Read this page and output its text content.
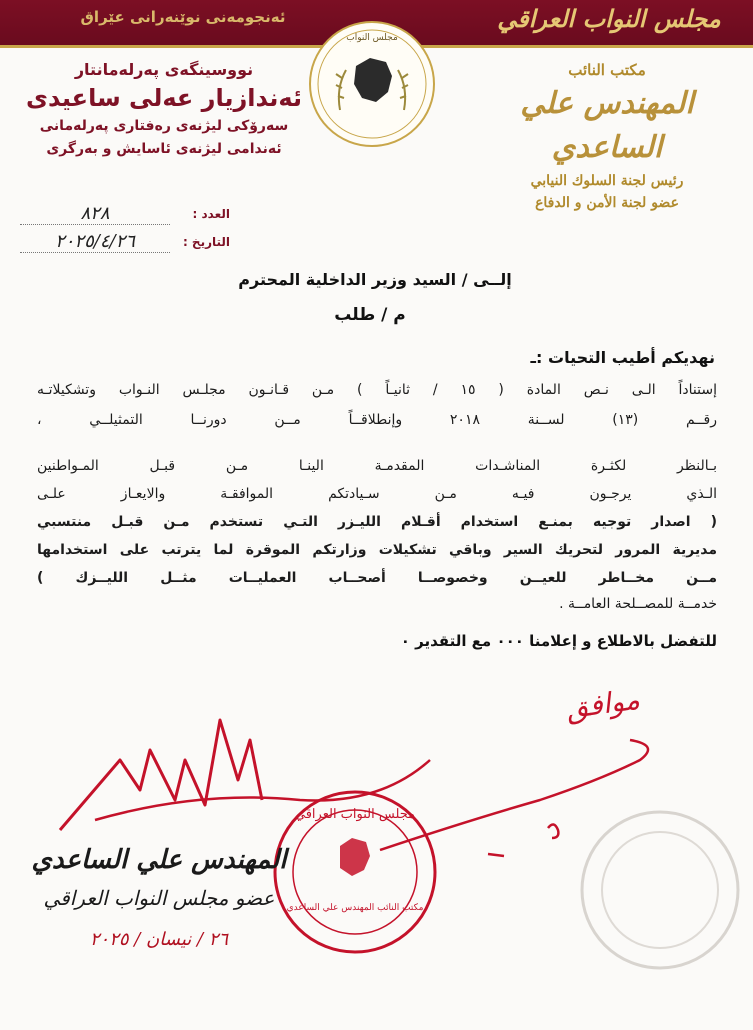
ئه‌نجومه‌نی نوێنه‌رانی عێراق	مجلس النواب العراقي
نووسینگەی پەرلەمانتار
ئەندازیار عەلی ساعیدی
سەرۆکی لیژنەی رەفتاری پەرلەمانی
ئەندامی لیژنەی ئاسایش و بەرگری
مجلس النواب
مكتب النائب
المهندس علي الساعدي
رئيس لجنة السلوك النيابي
عضو لجنة الأمن و الدفاع
العدد :
٨٢٨
التاريخ :
٢٠٢٥/٤/٢٦
إلــى / السيد وزير الداخلية المحترم
م / طلب
نهديكم أطيب التحيات :ـ
إستناداً الـى نـص المادة ( ١٥ / ثانيـاً ) مـن قـانـون مجلـس النـواب وتشكيلاتـه
رقــم (١٣) لســنة ٢٠١٨ وإنطلاقــاً مــن دورنــا التمثيلــي ،
بـالنظر لكثـرة المناشـدات المقدمـة الينـا مـن قبـل المـواطنين
الـذي يرجـون فيـه مـن سـيادتكم الموافقـة والايعـاز علـى
( اصدار توجيه بمنـع استخدام أقـلام الليـزر التـي تستخدم مـن قبـل منتسبي
مديرية المرور لتحريك السير وباقي تشكيلات وزارتكم الموقرة لما يترتب على استخدامها
مــن مخــاطر للعيــن وخصوصــا أصحــاب العمليــات مثــل الليــزك )
خدمــة للمصــلحة العامــة .
للتفضل بالاطلاع و إعلامنا ٠٠٠ مع التقدير ٠
موافق
مجلس النواب العراقي
مكتب النائب المهندس علي الساعدي
المهندس علي الساعدي
عضو مجلس النواب العراقي
٢٦ / نيسان / ٢٠٢٥
